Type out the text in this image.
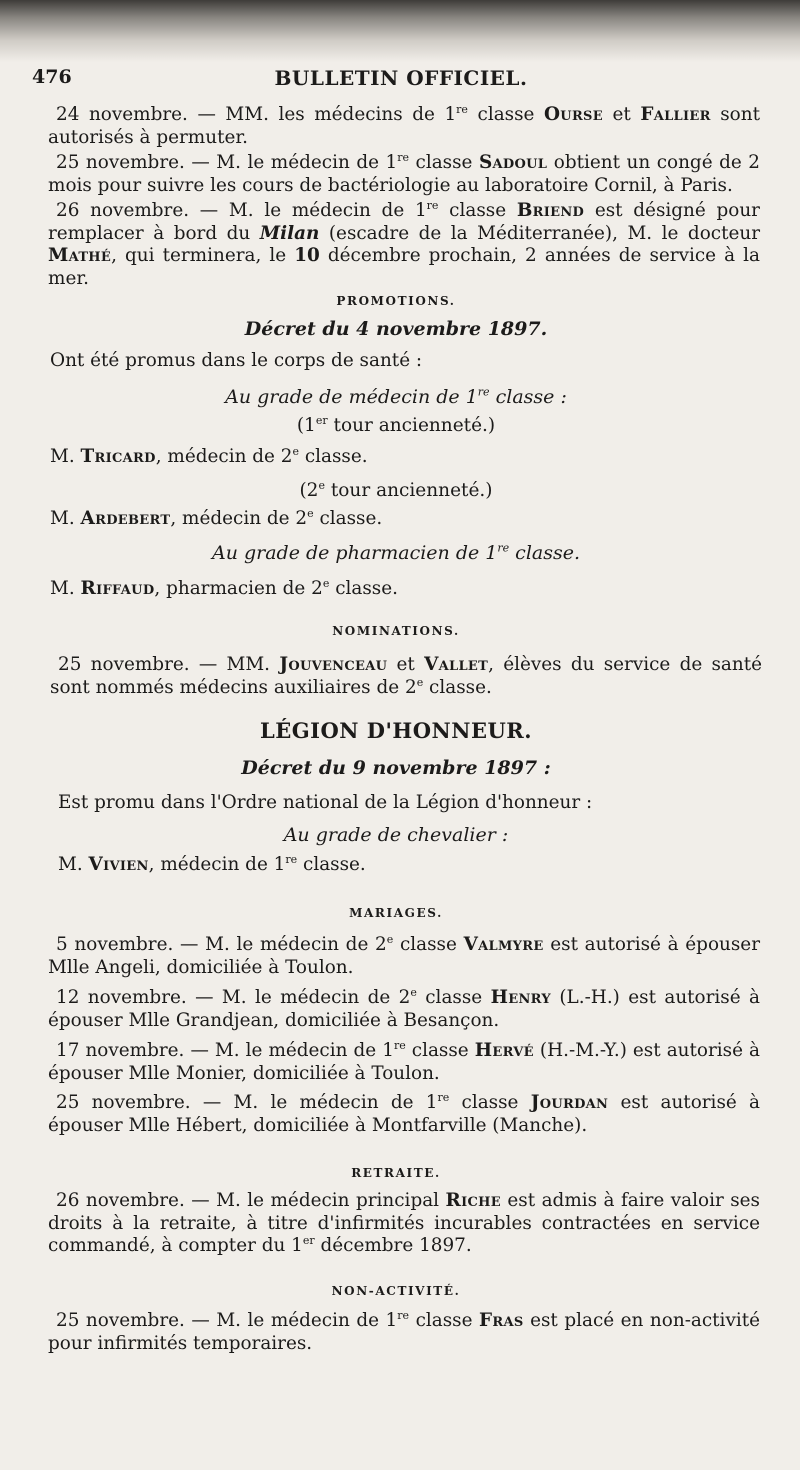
476	BULLETIN OFFICIEL.

24 novembre. — MM. les médecins de 1re classe Ourse et Fallier sont autorisés à permuter.

25 novembre. — M. le médecin de 1re classe Sadoul obtient un congé de 2 mois pour suivre les cours de bactériologie au laboratoire Cornil, à Paris.

26 novembre. — M. le médecin de 1re classe Briend est désigné pour remplacer à bord du Milan (escadre de la Méditerranée), M. le docteur Mathé, qui terminera, le 10 décembre prochain, 2 années de service à la mer.

PROMOTIONS.
Décret du 4 novembre 1897.

Ont été promus dans le corps de santé :

Au grade de médecin de 1re classe :
(1er tour ancienneté.)

M. Tricard, médecin de 2e classe.

(2e tour ancienneté.)

M. Ardebert, médecin de 2e classe.

Au grade de pharmacien de 1re classe.

M. Riffaud, pharmacien de 2e classe.

NOMINATIONS.

25 novembre. — MM. Jouvenceau et Vallet, élèves du service de santé sont nommés médecins auxiliaires de 2e classe.

LÉGION D'HONNEUR.
Décret du 9 novembre 1897 :

Est promu dans l'Ordre national de la Légion d'honneur :

Au grade de chevalier :

M. Vivien, médecin de 1re classe.

MARIAGES.

5 novembre. — M. le médecin de 2e classe Valmyre est autorisé à épouser Mlle Angeli, domiciliée à Toulon.

12 novembre. — M. le médecin de 2e classe Henry (L.-H.) est autorisé à épouser Mlle Grandjean, domiciliée à Besançon.

17 novembre. — M. le médecin de 1re classe Hervé (H.-M.-Y.) est autorisé à épouser Mlle Monier, domiciliée à Toulon.

25 novembre. — M. le médecin de 1re classe Jourdan est autorisé à épouser Mlle Hébert, domiciliée à Montfarville (Manche).

RETRAITE.

26 novembre. — M. le médecin principal Riche est admis à faire valoir ses droits à la retraite, à titre d'infirmités incurables contractées en service commandé, à compter du 1er décembre 1897.

NON-ACTIVITÉ.

25 novembre. — M. le médecin de 1re classe Fras est placé en non-activité pour infirmités temporaires.
